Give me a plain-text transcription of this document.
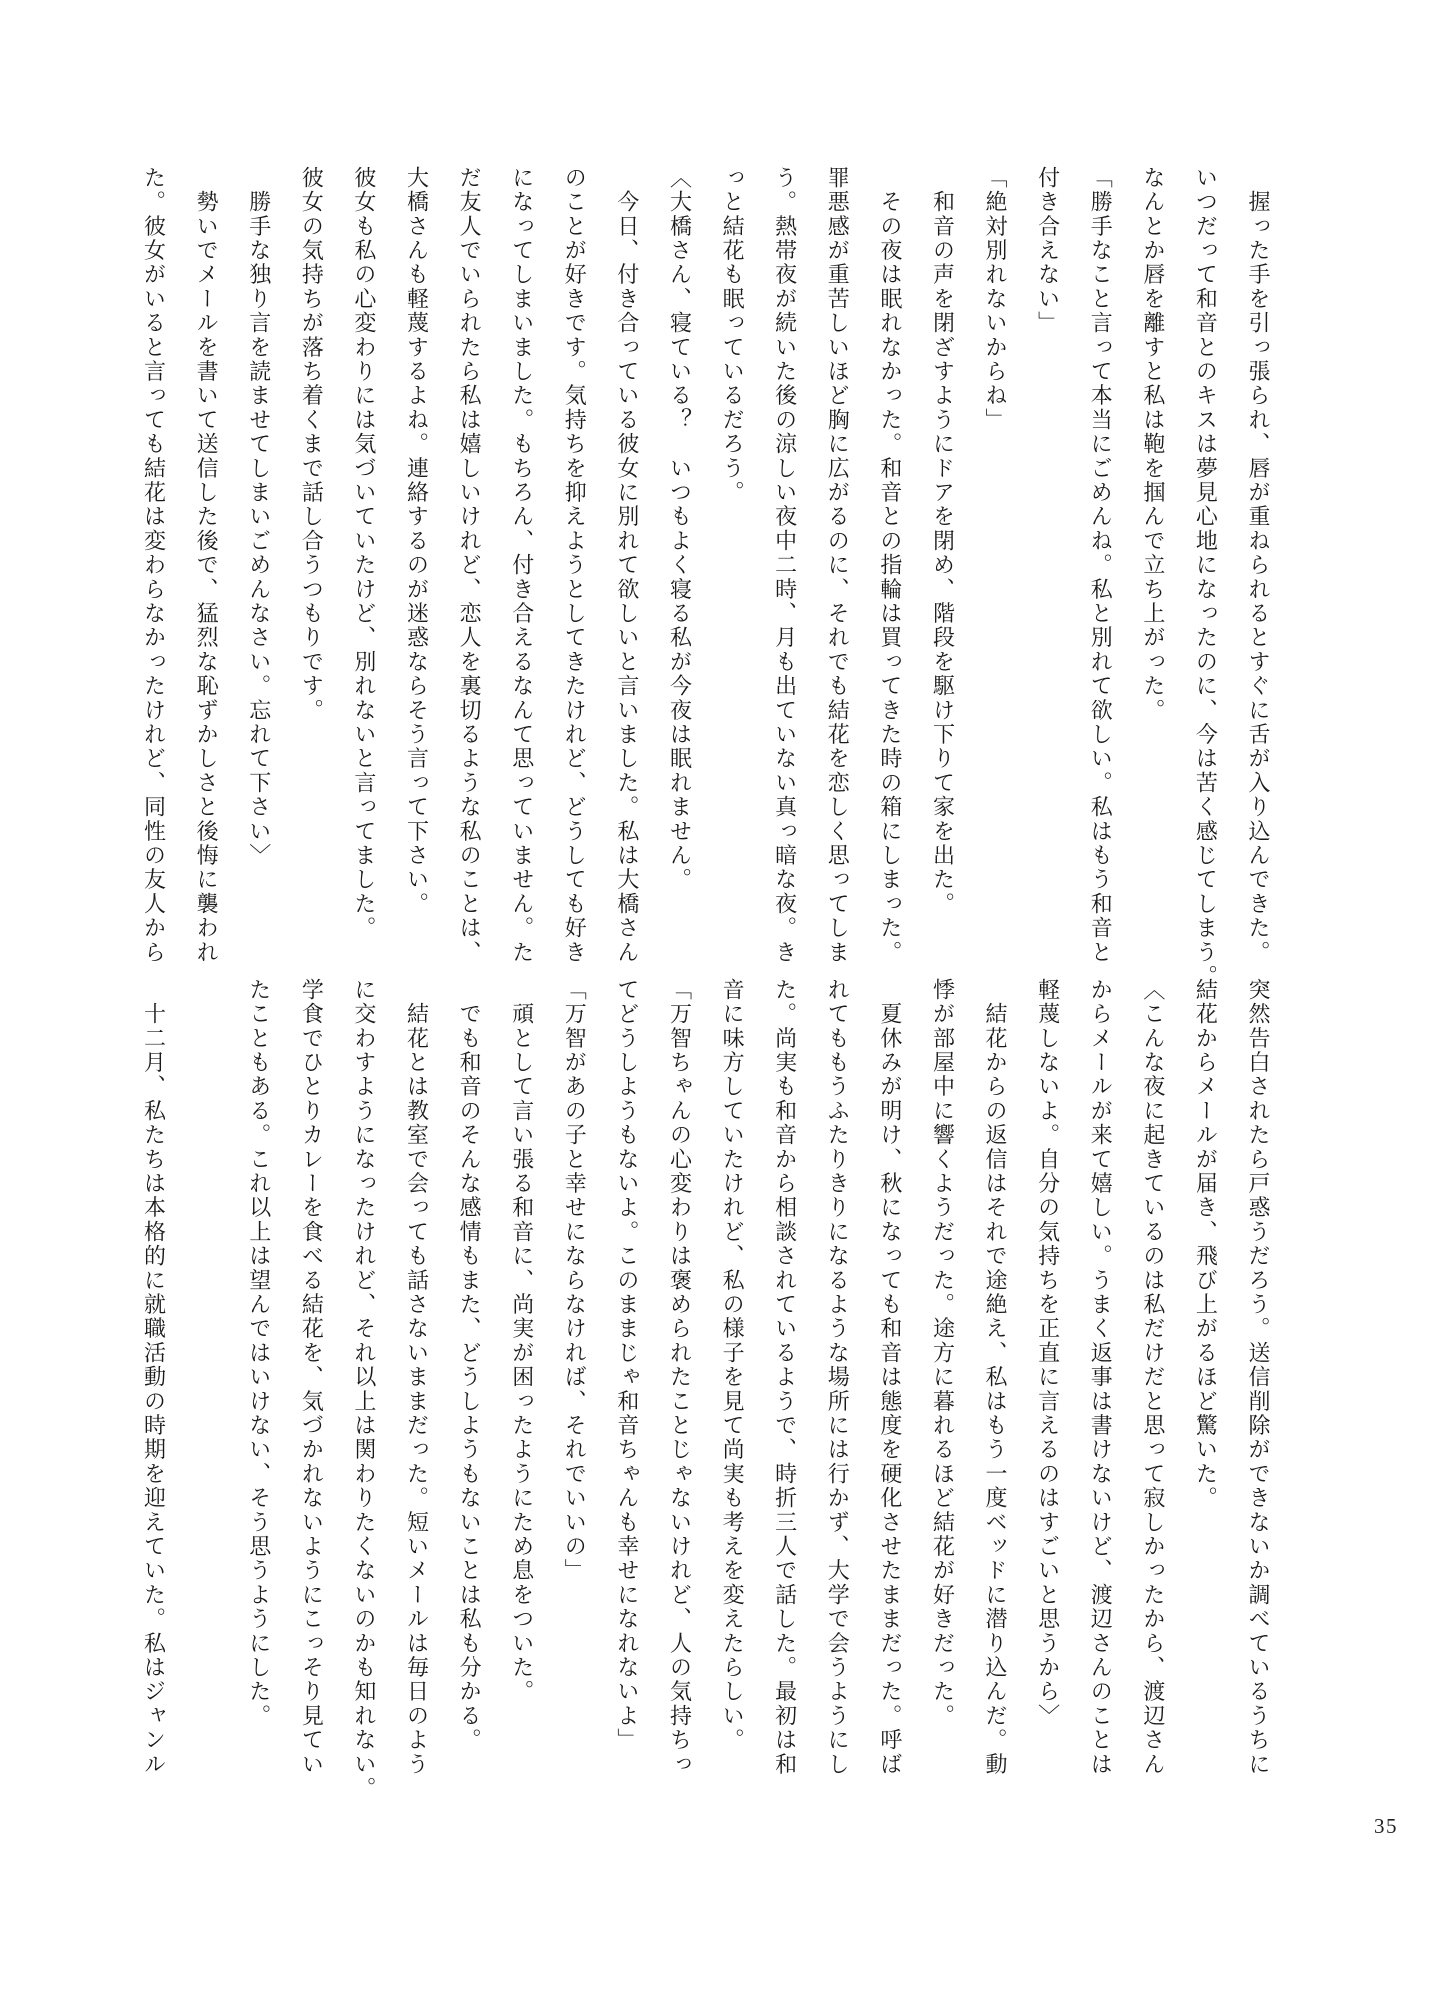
　握った手を引っ張られ、唇が重ねられるとすぐに舌が入り込んできた。

いつだって和音とのキスは夢見心地になったのに、今は苦く感じてしまう。

なんとか唇を離すと私は鞄を掴んで立ち上がった。

「勝手なこと言って本当にごめんね。私と別れて欲しい。私はもう和音と

付き合えない」

「絶対別れないからね」

　和音の声を閉ざすようにドアを閉め、階段を駆け下りて家を出た。

　その夜は眠れなかった。和音との指輪は買ってきた時の箱にしまった。

罪悪感が重苦しいほど胸に広がるのに、それでも結花を恋しく思ってしま

う。熱帯夜が続いた後の涼しい夜中二時、月も出ていない真っ暗な夜。き

っと結花も眠っているだろう。

〈大橋さん、寝ている？　いつもよく寝る私が今夜は眠れません。

　今日、付き合っている彼女に別れて欲しいと言いました。私は大橋さん

のことが好きです。気持ちを抑えようとしてきたけれど、どうしても好き

になってしまいました。もちろん、付き合えるなんて思っていません。た

だ友人でいられたら私は嬉しいけれど、恋人を裏切るような私のことは、

大橋さんも軽蔑するよね。連絡するのが迷惑ならそう言って下さい。

彼女も私の心変わりには気づいていたけど、別れないと言ってました。

彼女の気持ちが落ち着くまで話し合うつもりです。

　勝手な独り言を読ませてしまいごめんなさい。忘れて下さい〉

　勢いでメールを書いて送信した後で、猛烈な恥ずかしさと後悔に襲われ

た。彼女がいると言っても結花は変わらなかったけれど、同性の友人から

突然告白されたら戸惑うだろう。送信削除ができないか調べているうちに

結花からメールが届き、飛び上がるほど驚いた。

〈こんな夜に起きているのは私だけだと思って寂しかったから、渡辺さん

からメールが来て嬉しい。うまく返事は書けないけど、渡辺さんのことは

軽蔑しないよ。自分の気持ちを正直に言えるのはすごいと思うから〉

　結花からの返信はそれで途絶え、私はもう一度ベッドに潜り込んだ。動

悸が部屋中に響くようだった。途方に暮れるほど結花が好きだった。

　夏休みが明け、秋になっても和音は態度を硬化させたままだった。呼ば

れてももうふたりきりになるような場所には行かず、大学で会うようにし

た。尚実も和音から相談されているようで、時折三人で話した。最初は和

音に味方していたけれど、私の様子を見て尚実も考えを変えたらしい。

「万智ちゃんの心変わりは褒められたことじゃないけれど、人の気持ちっ

てどうしようもないよ。このままじゃ和音ちゃんも幸せになれないよ」

「万智があの子と幸せにならなければ、それでいいの」

　頑として言い張る和音に、尚実が困ったようにため息をついた。

　でも和音のそんな感情もまた、どうしようもないことは私も分かる。

　結花とは教室で会っても話さないままだった。短いメールは毎日のよう

に交わすようになったけれど、それ以上は関わりたくないのかも知れない。

学食でひとりカレーを食べる結花を、気づかれないようにこっそり見てい

たこともある。これ以上は望んではいけない、そう思うようにした。

　十二月、私たちは本格的に就職活動の時期を迎えていた。私はジャンル

35
